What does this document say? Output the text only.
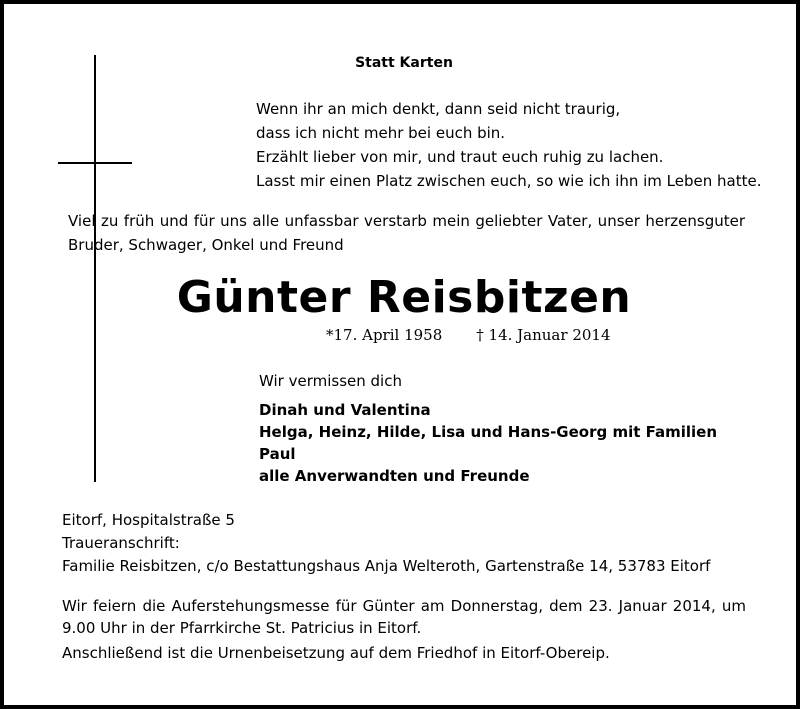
Statt Karten
Wenn ihr an mich denkt, dann seid nicht traurig,
dass ich nicht mehr bei euch bin.
Erzählt lieber von mir, und traut euch ruhig zu lachen.
Lasst mir einen Platz zwischen euch, so wie ich ihn im Leben hatte.
Viel zu früh und für uns alle unfassbar verstarb mein geliebter Vater, unser herzensguter Bruder, Schwager, Onkel und Freund
Günter Reisbitzen
*17. April 1958 † 14. Januar 2014
Wir vermissen dich
Dinah und Valentina
Helga, Heinz, Hilde, Lisa und Hans-Georg mit Familien
Paul
alle Anverwandten und Freunde
Eitorf, Hospitalstraße 5
Traueranschrift:
Familie Reisbitzen, c/o Bestattungshaus Anja Welteroth, Gartenstraße 14, 53783 Eitorf
Wir feiern die Auferstehungsmesse für Günter am Donnerstag, dem 23. Januar 2014, um 9.00 Uhr in der Pfarrkirche St. Patricius in Eitorf.
Anschließend ist die Urnenbeisetzung auf dem Friedhof in Eitorf-Obereip.
